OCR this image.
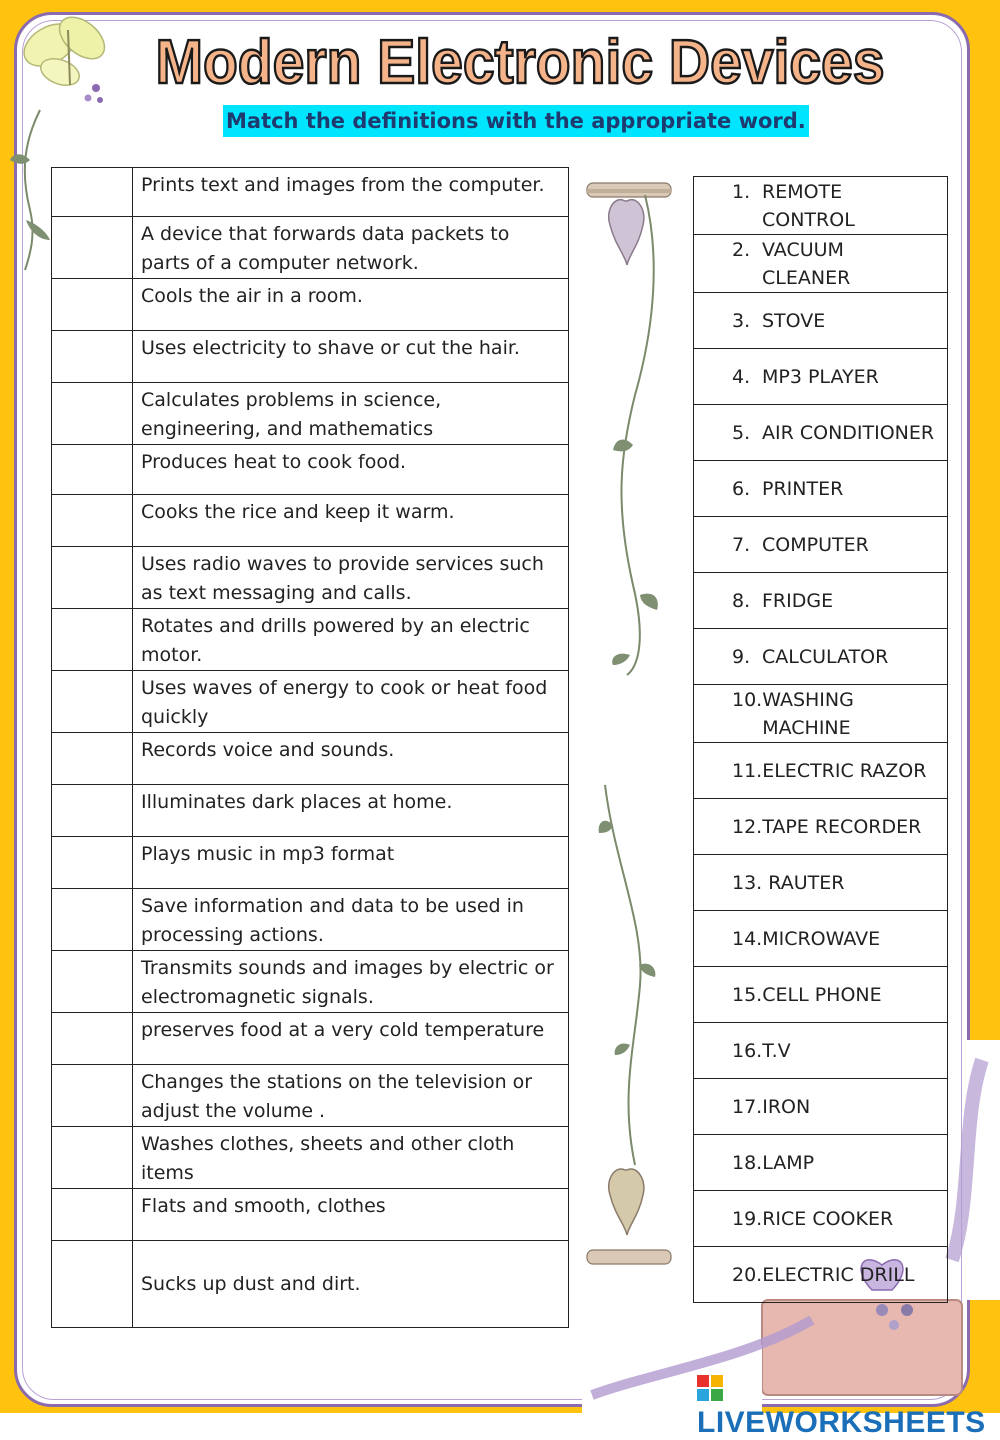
Modern Electronic Devices
Match the definitions with the appropriate word.
	Prints text and images from the computer.
	A device that forwards data packets to parts of a computer network.
	Cools the air in a room.
	Uses electricity to shave or cut the hair.
	Calculates problems in science, engineering, and mathematics
	Produces heat to cook food.
	Cooks the rice and keep it warm.
	Uses radio waves to provide services such as text messaging and calls.
	Rotates and drills powered by an electric motor.
	Uses waves of energy to cook or heat food quickly
	Records voice and sounds.
	Illuminates dark places at home.
	Plays music in mp3 format
	Save information and data to be used in processing actions.
	Transmits sounds and images by electric or electromagnetic signals.
	preserves food at a very cold temperature
	Changes the stations on the television or adjust the volume .
	Washes clothes, sheets and other cloth items
	Flats and smooth, clothes
	Sucks up dust and dirt.
1. REMOTE CONTROL

2. VACUUM CLEANER

3. STOVE

4. MP3 PLAYER

5. AIR CONDITIONER

6. PRINTER

7. COMPUTER

8. FRIDGE

9. CALCULATOR

10. WASHING MACHINE

11. ELECTRIC RAZOR

12. TAPE RECORDER

13. RAUTER

14. MICROWAVE

15. CELL PHONE

16. T.V

17. IRON

18. LAMP

19. RICE COOKER

20. ELECTRIC DRILL
LIVEWORKSHEETS
